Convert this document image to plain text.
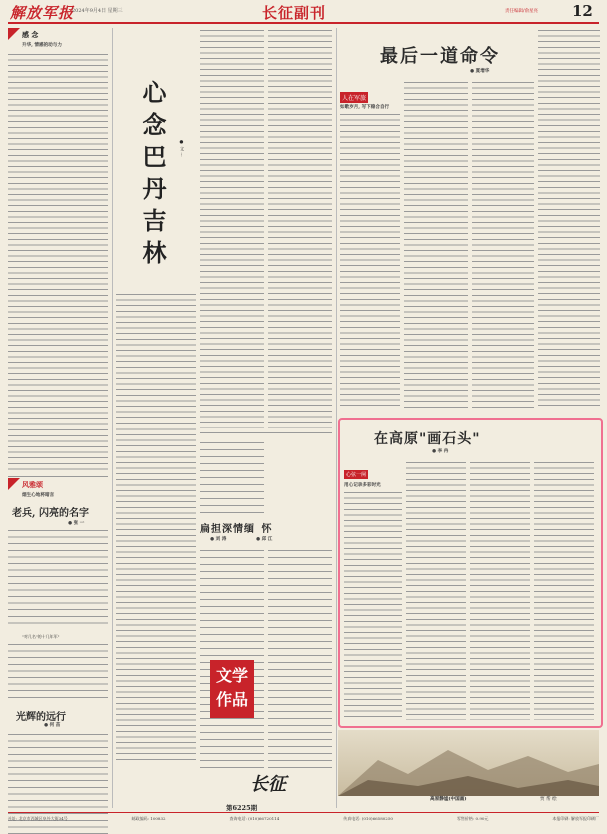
解放军报
2024年9月4日 星期三	长征副刊	责任编辑/俞星亮 12
感 念
升华, 情感的动与力
风雅颂
烟生心地将暗言
老兵, 闪亮的名字
● 张 一
"对几名"的十几年军"
光辉的远行
● 何 苗
心念巴丹吉林	● 文 ...
缅 怀
● 邱 江
扁担深情
● 刘 涛
长征
文学
作品
最后一道命令
● 夏增华
人在军旅
如歌岁月, 写下稳合自行
在高原"画石头"
● 李 冉
心弦一阕
用心记录多彩时光
高原静谧(中国画)	贾 帮 绘
第6225期
社址: 北京市西城区阜外大街34号	邮政编码: 100832	查询电话: (010)66720114	传真电话: (010)66580250	零售价格: 0.90元	本报印刷: 解放军报印刷厂
